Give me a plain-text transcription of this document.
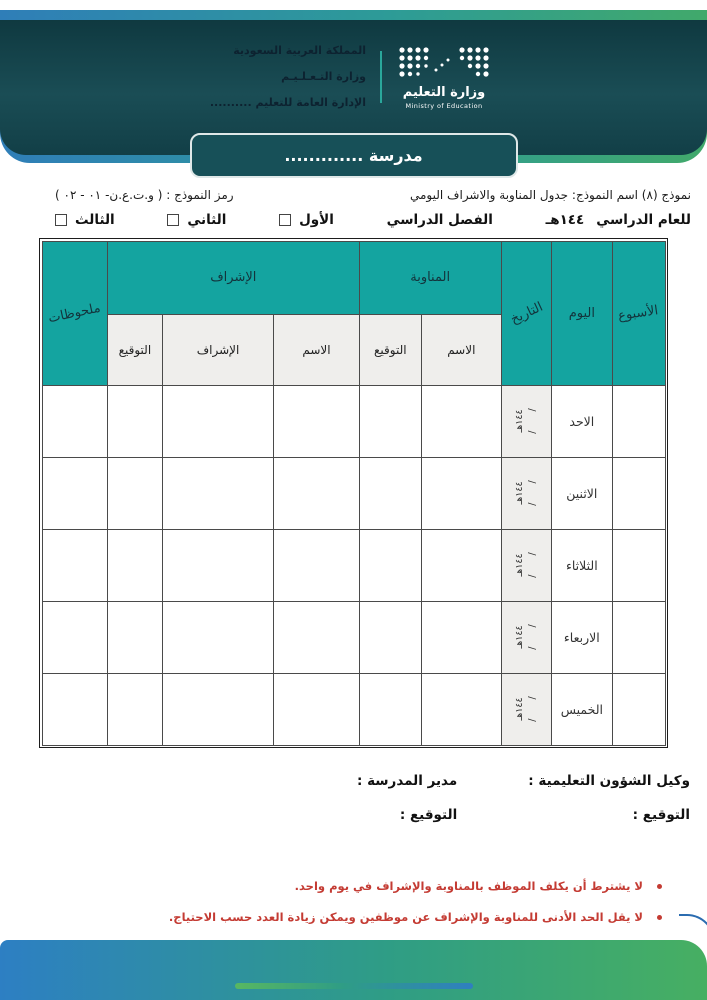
وزارة التعليم
Ministry of Education
المملكة العربية السعودية
وزارة التـعـلـيـم
الإدارة العامة للتعليم ..........
مدرسة .............
نموذج (٨) اسم النموذج: جدول المناوبة والاشراف اليومي
رمز النموذج : ( و.ت.ع.ن- ٠١ - ٠٢ )
للعام الدراسي
١٤٤هـ
الفصل الدراسي
الأول
الثاني
الثالث
الأسبوع	اليوم	التاريخ	المناوبة		الإشراف			ملحوظات
			الاسم	التوقيع	الاسم	الإشراف	التوقيع	
	الاحد	١٤٤هـ / /						

	الاثنين	١٤٤هـ / /						

	الثلاثاء	١٤٤هـ / /						

	الاربعاء	١٤٤هـ / /						

	الخميس	١٤٤هـ / /						

وكيل الشؤون التعليمية :
التوقيع :
مدير المدرسة :
التوقيع :
لا يشترط أن يكلف الموظف بالمناوبة والإشراف في يوم واحد.
لا يقل الحد الأدنى للمناوبة والإشراف عن موظفين ويمكن زيادة العدد حسب الاحتياج.
